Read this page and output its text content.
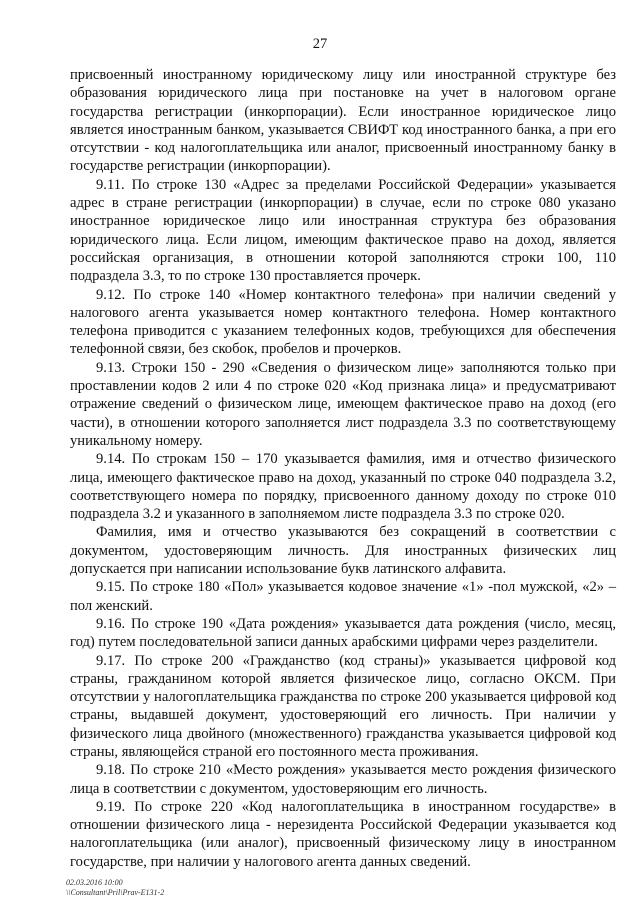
27

присвоенный иностранному юридическому лицу или иностранной структуре без образования юридического лица при постановке на учет в налоговом органе государства регистрации (инкорпорации). Если иностранное юридическое лицо является иностранным банком, указывается СВИФТ код иностранного банка, а при его отсутствии - код налогоплательщика или аналог, присвоенный иностранному банку в государстве регистрации (инкорпорации).

9.11. По строке 130 «Адрес за пределами Российской Федерации» указывается адрес в стране регистрации (инкорпорации) в случае, если по строке 080 указано иностранное юридическое лицо или иностранная структура без образования юридического лица. Если лицом, имеющим фактическое право на доход, является российская организация, в отношении которой заполняются строки 100, 110 подраздела 3.3, то по строке 130 проставляется прочерк.

9.12. По строке 140 «Номер контактного телефона» при наличии сведений у налогового агента указывается номер контактного телефона. Номер контактного телефона приводится с указанием телефонных кодов, требующихся для обеспечения телефонной связи, без скобок, пробелов и прочерков.

9.13. Строки 150 - 290 «Сведения о физическом лице» заполняются только при проставлении кодов 2 или 4 по строке 020 «Код признака лица» и предусматривают отражение сведений о физическом лице, имеющем фактическое право на доход (его части), в отношении которого заполняется лист подраздела 3.3 по соответствующему уникальному номеру.

9.14. По строкам 150 – 170 указывается фамилия, имя и отчество физического лица, имеющего фактическое право на доход, указанный по строке 040 подраздела 3.2, соответствующего номера по порядку, присвоенного данному доходу по строке 010 подраздела 3.2 и указанного в заполняемом листе подраздела 3.3 по строке 020.

Фамилия, имя и отчество указываются без сокращений в соответствии с документом, удостоверяющим личность. Для иностранных физических лиц допускается при написании использование букв латинского алфавита.

9.15. По строке 180 «Пол» указывается кодовое значение «1» -пол мужской, «2» – пол женский.

9.16. По строке 190 «Дата рождения» указывается дата рождения (число, месяц, год) путем последовательной записи данных арабскими цифрами через разделители.

9.17. По строке 200 «Гражданство (код страны)» указывается цифровой код страны, гражданином которой является физическое лицо, согласно ОКСМ. При отсутствии у налогоплательщика гражданства по строке 200 указывается цифровой код страны, выдавшей документ, удостоверяющий его личность. При наличии у физического лица двойного (множественного) гражданства указывается цифровой код страны, являющейся страной его постоянного места проживания.

9.18. По строке 210 «Место рождения» указывается место рождения физического лица в соответствии с документом, удостоверяющим его личность.

9.19. По строке 220 «Код налогоплательщика в иностранном государстве» в отношении физического лица - нерезидента Российской Федерации указывается код налогоплательщика (или аналог), присвоенный физическому лицу в иностранном государстве, при наличии у налогового агента данных сведений.

02.03.2016 10:00
\\Consultant\Pril\Prav-E131-2
